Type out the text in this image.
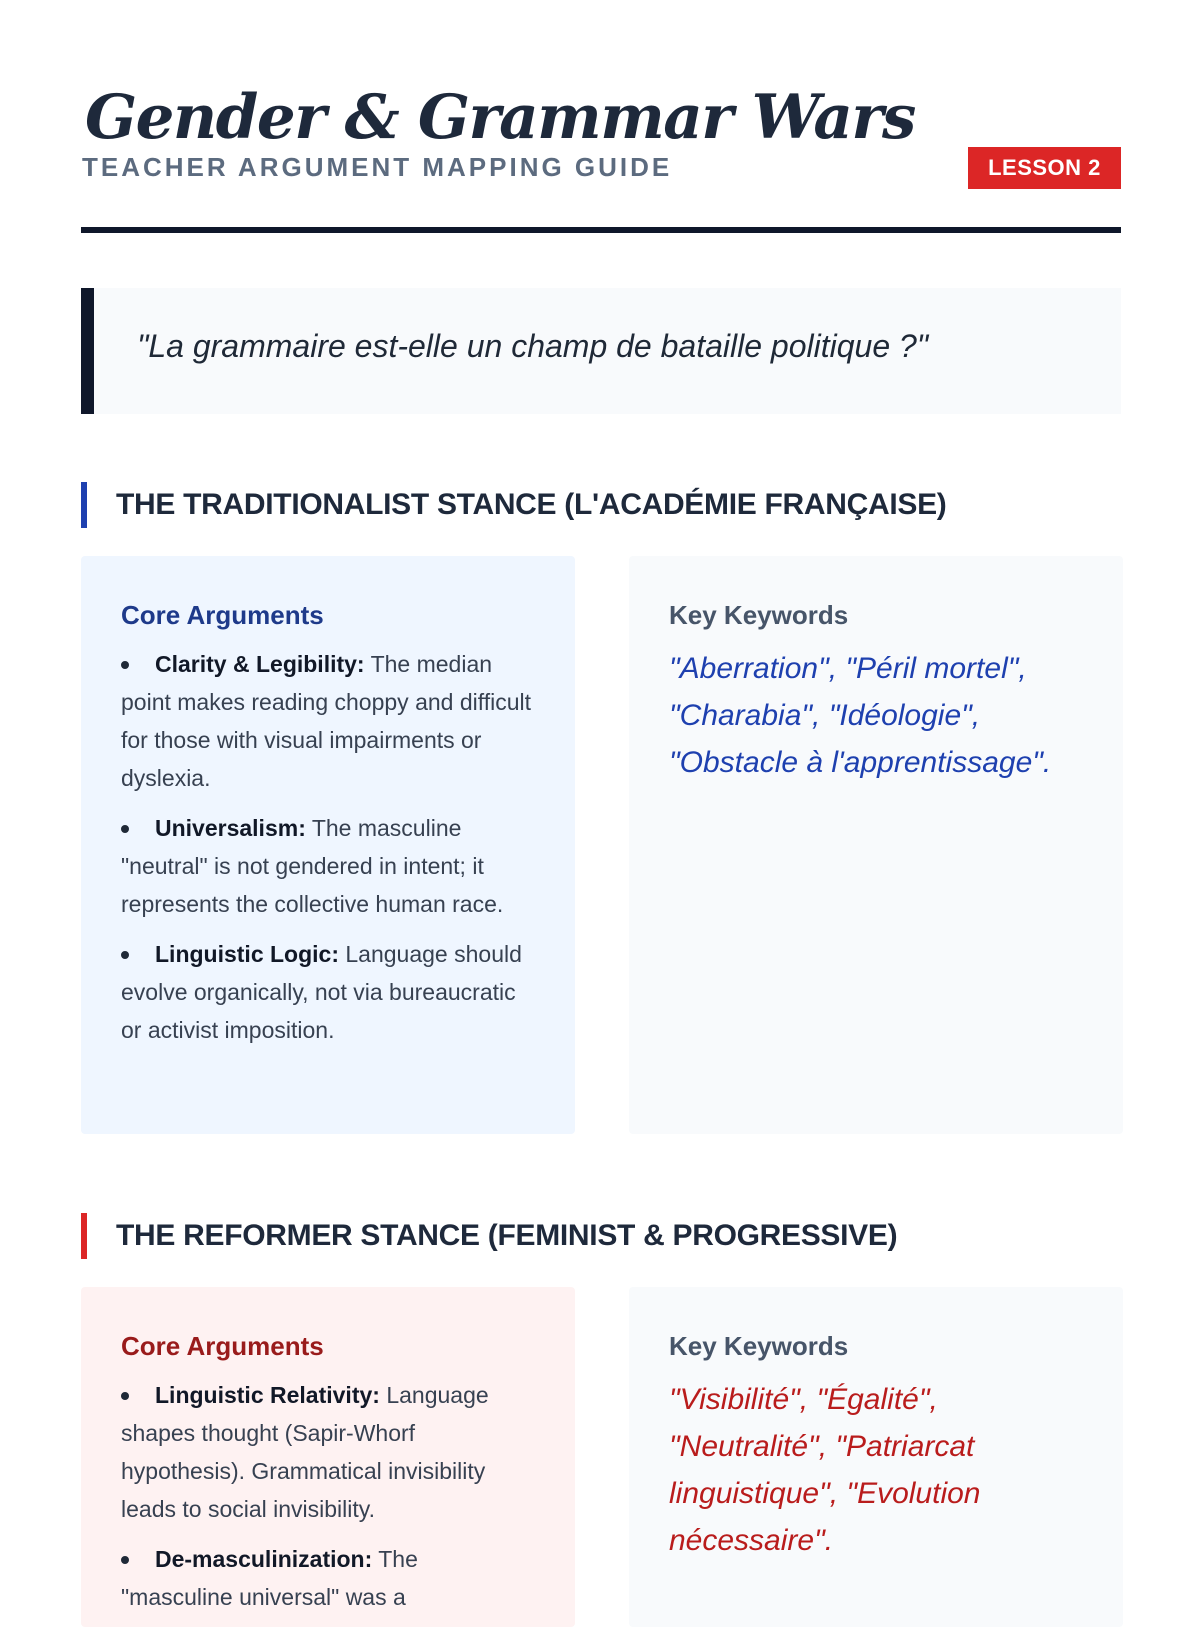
Gender & Grammar Wars
TEACHER ARGUMENT MAPPING GUIDE	LESSON 2
"La grammaire est-elle un champ de bataille politique ?"
THE TRADITIONALIST STANCE (L'ACADÉMIE FRANÇAISE)
Core Arguments
Clarity & Legibility: The median point makes reading choppy and difficult for those with visual impairments or dyslexia.
Universalism: The masculine "neutral" is not gendered in intent; it represents the collective human race.
Linguistic Logic: Language should evolve organically, not via bureaucratic or activist imposition.
Key Keywords
"Aberration", "Péril mortel", "Charabia", "Idéologie", "Obstacle à l'apprentissage".
THE REFORMER STANCE (FEMINIST & PROGRESSIVE)
Core Arguments
Linguistic Relativity: Language shapes thought (Sapir-Whorf hypothesis). Grammatical invisibility leads to social invisibility.
De-masculinization: The "masculine universal" was a
Key Keywords
"Visibilité", "Égalité", "Neutralité", "Patriarcat linguistique", "Evolution nécessaire".
